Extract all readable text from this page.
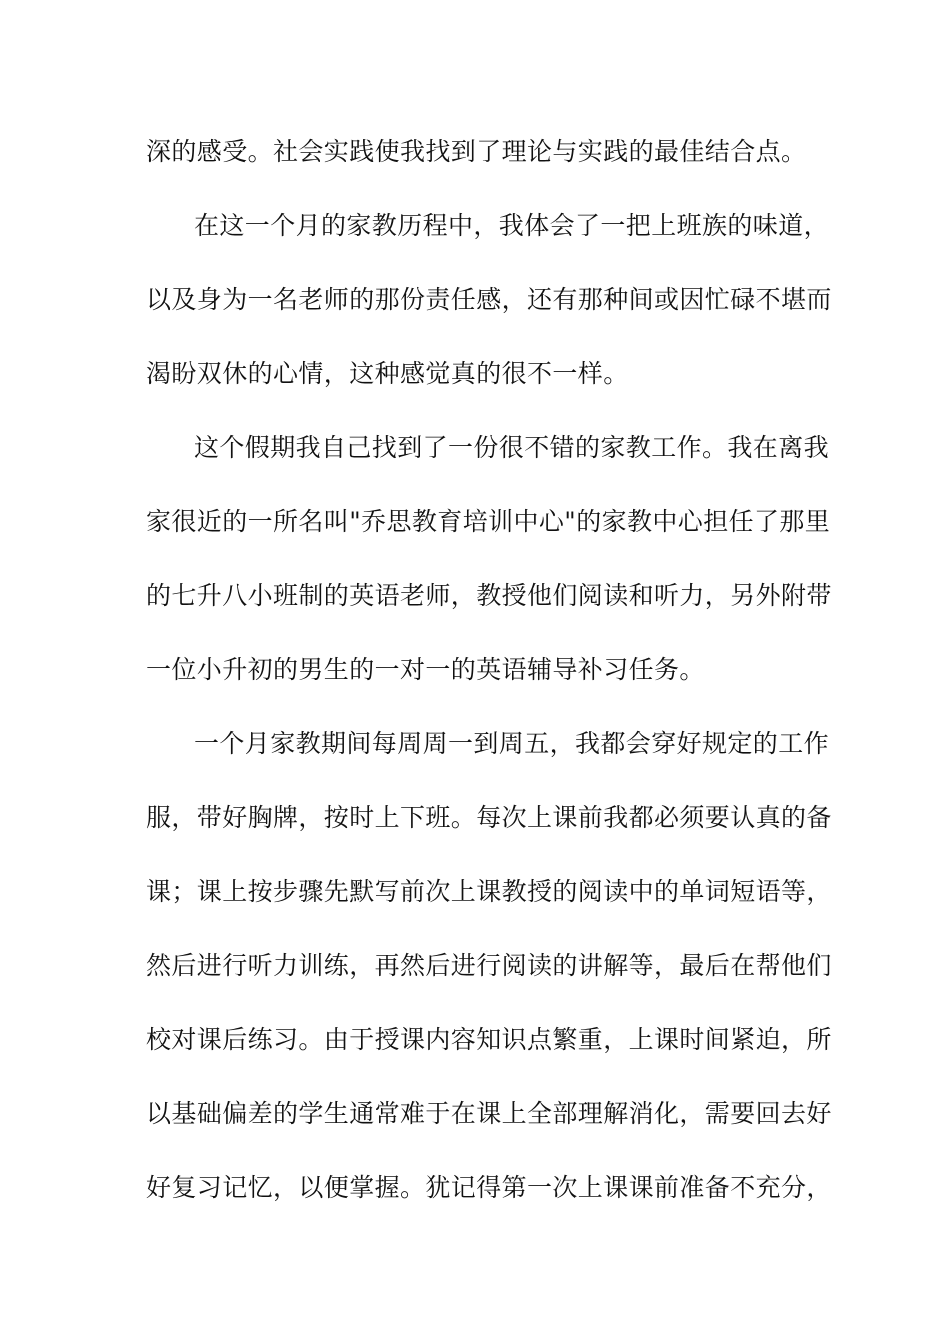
深的感受。社会实践使我找到了理论与实践的最佳结合点。
在这一个月的家教历程中，我体会了一把上班族的味道，
以及身为一名老师的那份责任感，还有那种间或因忙碌不堪而
渴盼双休的心情，这种感觉真的很不一样。
这个假期我自己找到了一份很不错的家教工作。我在离我
家很近的一所名叫"乔思教育培训中心"的家教中心担任了那里
的七升八小班制的英语老师，教授他们阅读和听力，另外附带
一位小升初的男生的一对一的英语辅导补习任务。
一个月家教期间每周周一到周五，我都会穿好规定的工作
服，带好胸牌，按时上下班。每次上课前我都必须要认真的备
课；课上按步骤先默写前次上课教授的阅读中的单词短语等，
然后进行听力训练，再然后进行阅读的讲解等，最后在帮他们
校对课后练习。由于授课内容知识点繁重，上课时间紧迫，所
以基础偏差的学生通常难于在课上全部理解消化，需要回去好
好复习记忆，以便掌握。犹记得第一次上课课前准备不充分，
